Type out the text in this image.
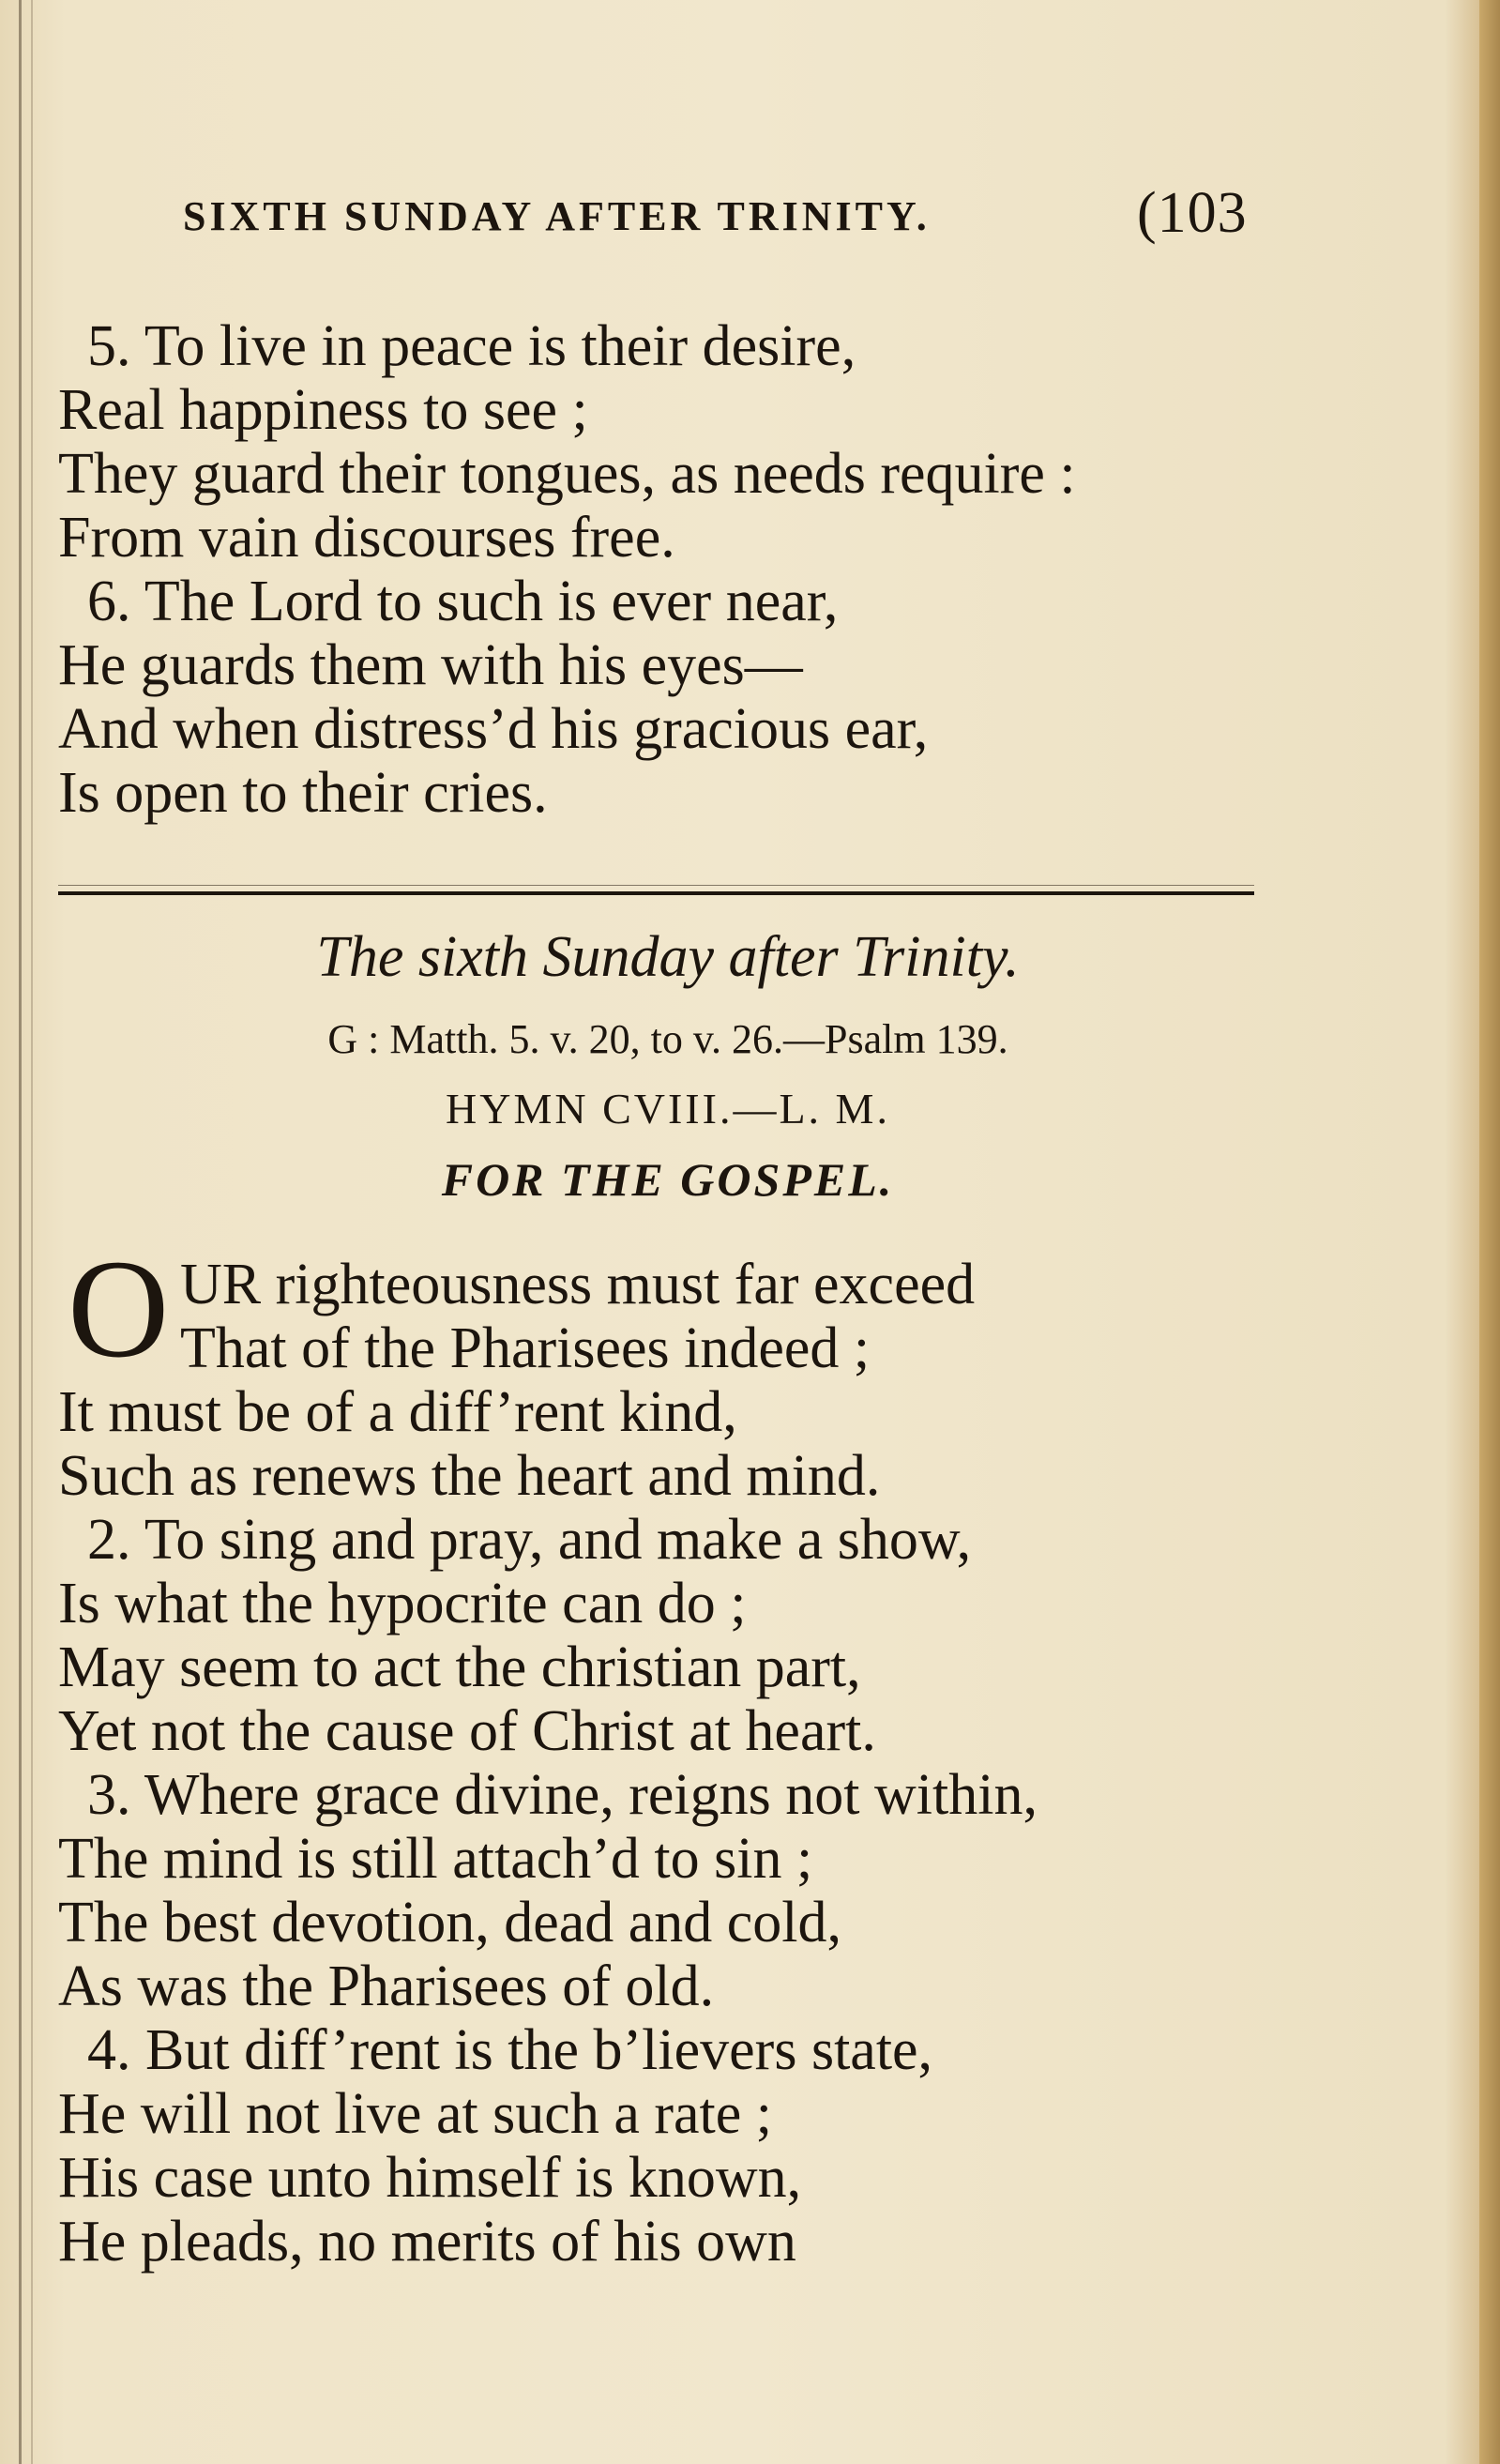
SIXTH SUNDAY AFTER TRINITY.	(103
5. To live in peace is their desire,
Real happiness to see ;
They guard their tongues, as needs require :
From vain discourses free.
6. The Lord to such is ever near,
He guards them with his eyes—
And when distress’d his gracious ear,
Is open to their cries.
The sixth Sunday after Trinity.
G : Matth. 5. v. 20, to v. 26.—Psalm 139.
HYMN CVIII.—L. M.
FOR THE GOSPEL.
O UR righteousness must far exceed
That of the Pharisees indeed ;
It must be of a diff’rent kind,
Such as renews the heart and mind.
2. To sing and pray, and make a show,
Is what the hypocrite can do ;
May seem to act the christian part,
Yet not the cause of Christ at heart.
3. Where grace divine, reigns not within,
The mind is still attach’d to sin ;
The best devotion, dead and cold,
As was the Pharisees of old.
4. But diff’rent is the b’lievers state,
He will not live at such a rate ;
His case unto himself is known,
He pleads, no merits of his own
